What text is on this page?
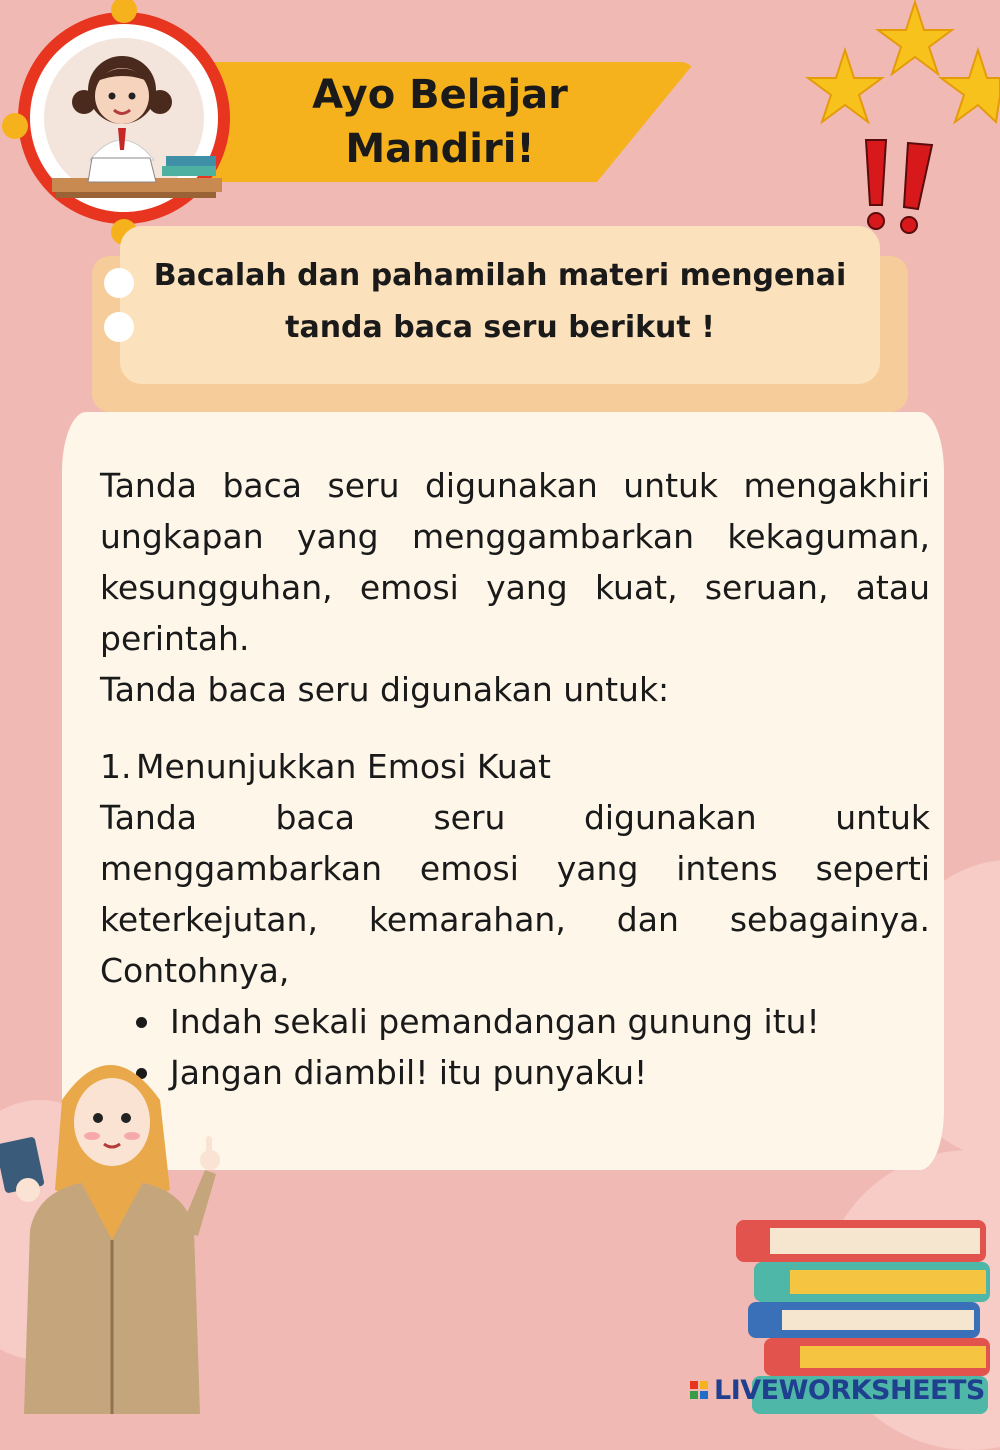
Ayo Belajar
Mandiri!
Bacalah dan pahamilah materi mengenai
tanda baca seru berikut !

Tanda baca seru digunakan untuk mengakhiri ungkapan yang menggambarkan kekaguman, kesungguhan, emosi yang kuat, seruan, atau perintah.

Tanda baca seru digunakan untuk:

1. Menunjukkan Emosi Kuat

Tanda baca seru digunakan untuk menggambarkan emosi yang intens seperti keterkejutan, kemarahan, dan sebagainya. Contohnya,

Indah sekali pemandangan gunung itu!
Jangan diambil! itu punyaku!
LIVEWORKSHEETS
